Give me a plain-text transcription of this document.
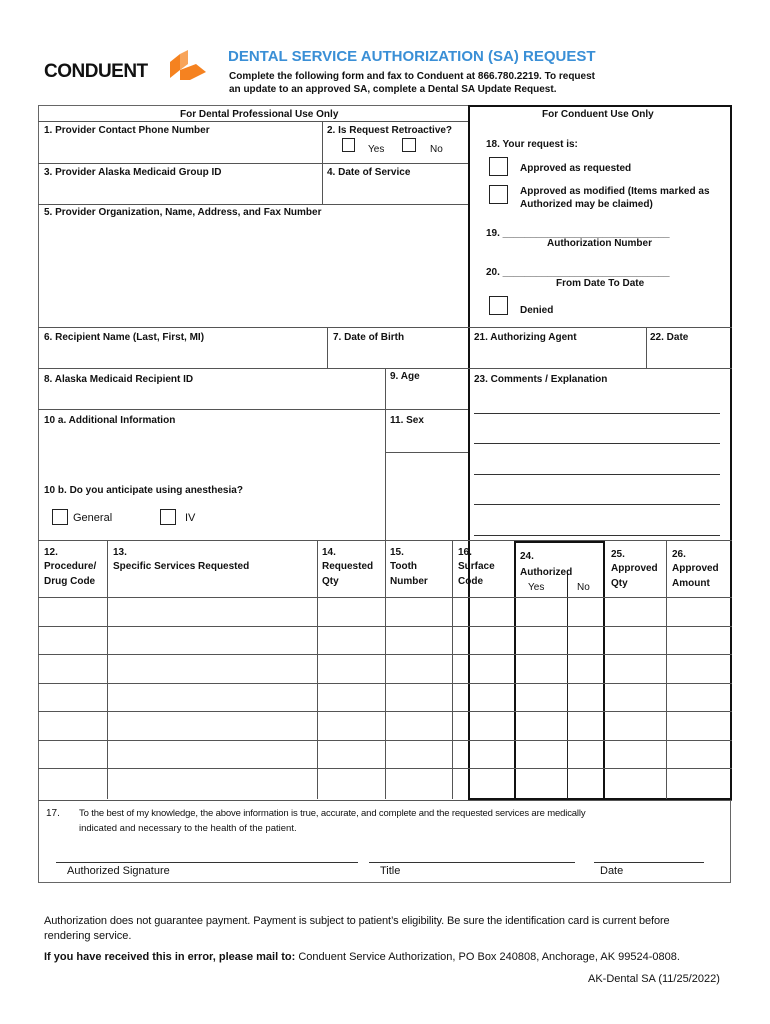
CONDUENT
DENTAL SERVICE AUTHORIZATION (SA) REQUEST
Complete the following form and fax to Conduent at 866.780.2219. To request
an update to an approved SA, complete a Dental SA Update Request.
For Dental Professional Use Only	For Conduent Use Only
1. Provider Contact Phone Number	2. Is Request Retroactive?
Yes	No
3. Provider Alaska Medicaid Group ID	4. Date of Service
5. Provider Organization, Name, Address, and Fax Number
6. Recipient Name (Last, First, MI)	7. Date of Birth
8. Alaska Medicaid Recipient ID	9. Age
10 a. Additional Information	11. Sex
10 b. Do you anticipate using anesthesia?
General	IV
18. Your request is:
Approved as requested
Approved as modified (Items marked as
Authorized may be claimed)
19. ______________________________
Authorization Number
20. ______________________________
From Date To Date
Denied
21. Authorizing Agent	22. Date
23. Comments / Explanation
12.
Procedure/
Drug Code
13.
Specific Services Requested
14.
Requested
Qty
15.
Tooth
Number
16.
Surface
Code
24.
Authorized
Yes	No
25.
Approved
Qty
26.
Approved
Amount
17. To the best of my knowledge, the above information is true, accurate, and complete and the requested services are medically
indicated and necessary to the health of the patient.
Authorized Signature	Title	Date
Authorization does not guarantee payment. Payment is subject to patient’s eligibility. Be sure the identification card is current before
rendering service.
If you have received this in error, please mail to: Conduent Service Authorization, PO Box 240808, Anchorage, AK 99524-0808.
AK-Dental SA (11/25/2022)
